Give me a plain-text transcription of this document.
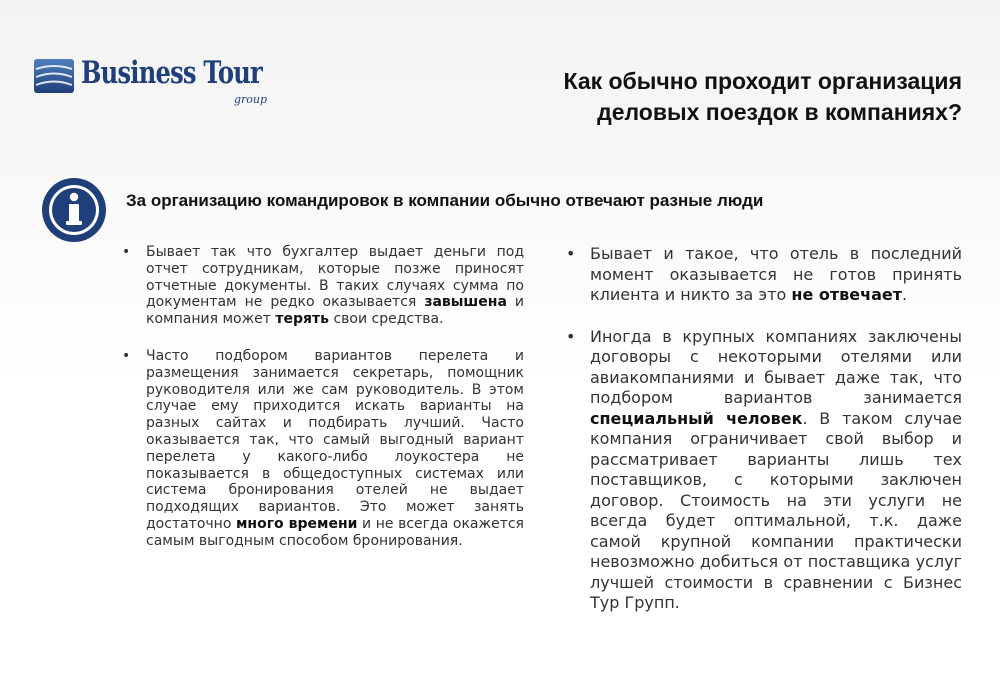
Business Tour
group
Как обычно проходит организация
деловых поездок в компаниях?
За организацию командировок в компании обычно отвечают разные люди
• Бывает так что бухгалтер выдает деньги под отчет сотрудникам, которые позже приносят отчетные документы. В таких случаях сумма по документам не редко оказывается завышена и компания может терять свои средства.
• Часто подбором вариантов перелета и размещения занимается секретарь, помощник руководителя или же сам руководитель. В этом случае ему приходится искать варианты на разных сайтах и подбирать лучший. Часто оказывается так, что самый выгодный вариант перелета у какого-либо лоукостера не показывается в общедоступных системах или система бронирования отелей не выдает подходящих вариантов. Это может занять достаточно много времени и не всегда окажется самым выгодным способом бронирования.
• Бывает и такое, что отель в последний момент оказывается не готов принять клиента и никто за это не отвечает.
• Иногда в крупных компаниях заключены договоры с некоторыми отелями или авиакомпаниями и бывает даже так, что подбором вариантов занимается специальный человек. В таком случае компания ограничивает свой выбор и рассматривает варианты лишь тех поставщиков, с которыми заключен договор. Стоимость на эти услуги не всегда будет оптимальной, т.к. даже самой крупной компании практически невозможно добиться от поставщика услуг лучшей стоимости в сравнении с Бизнес Тур Групп.
